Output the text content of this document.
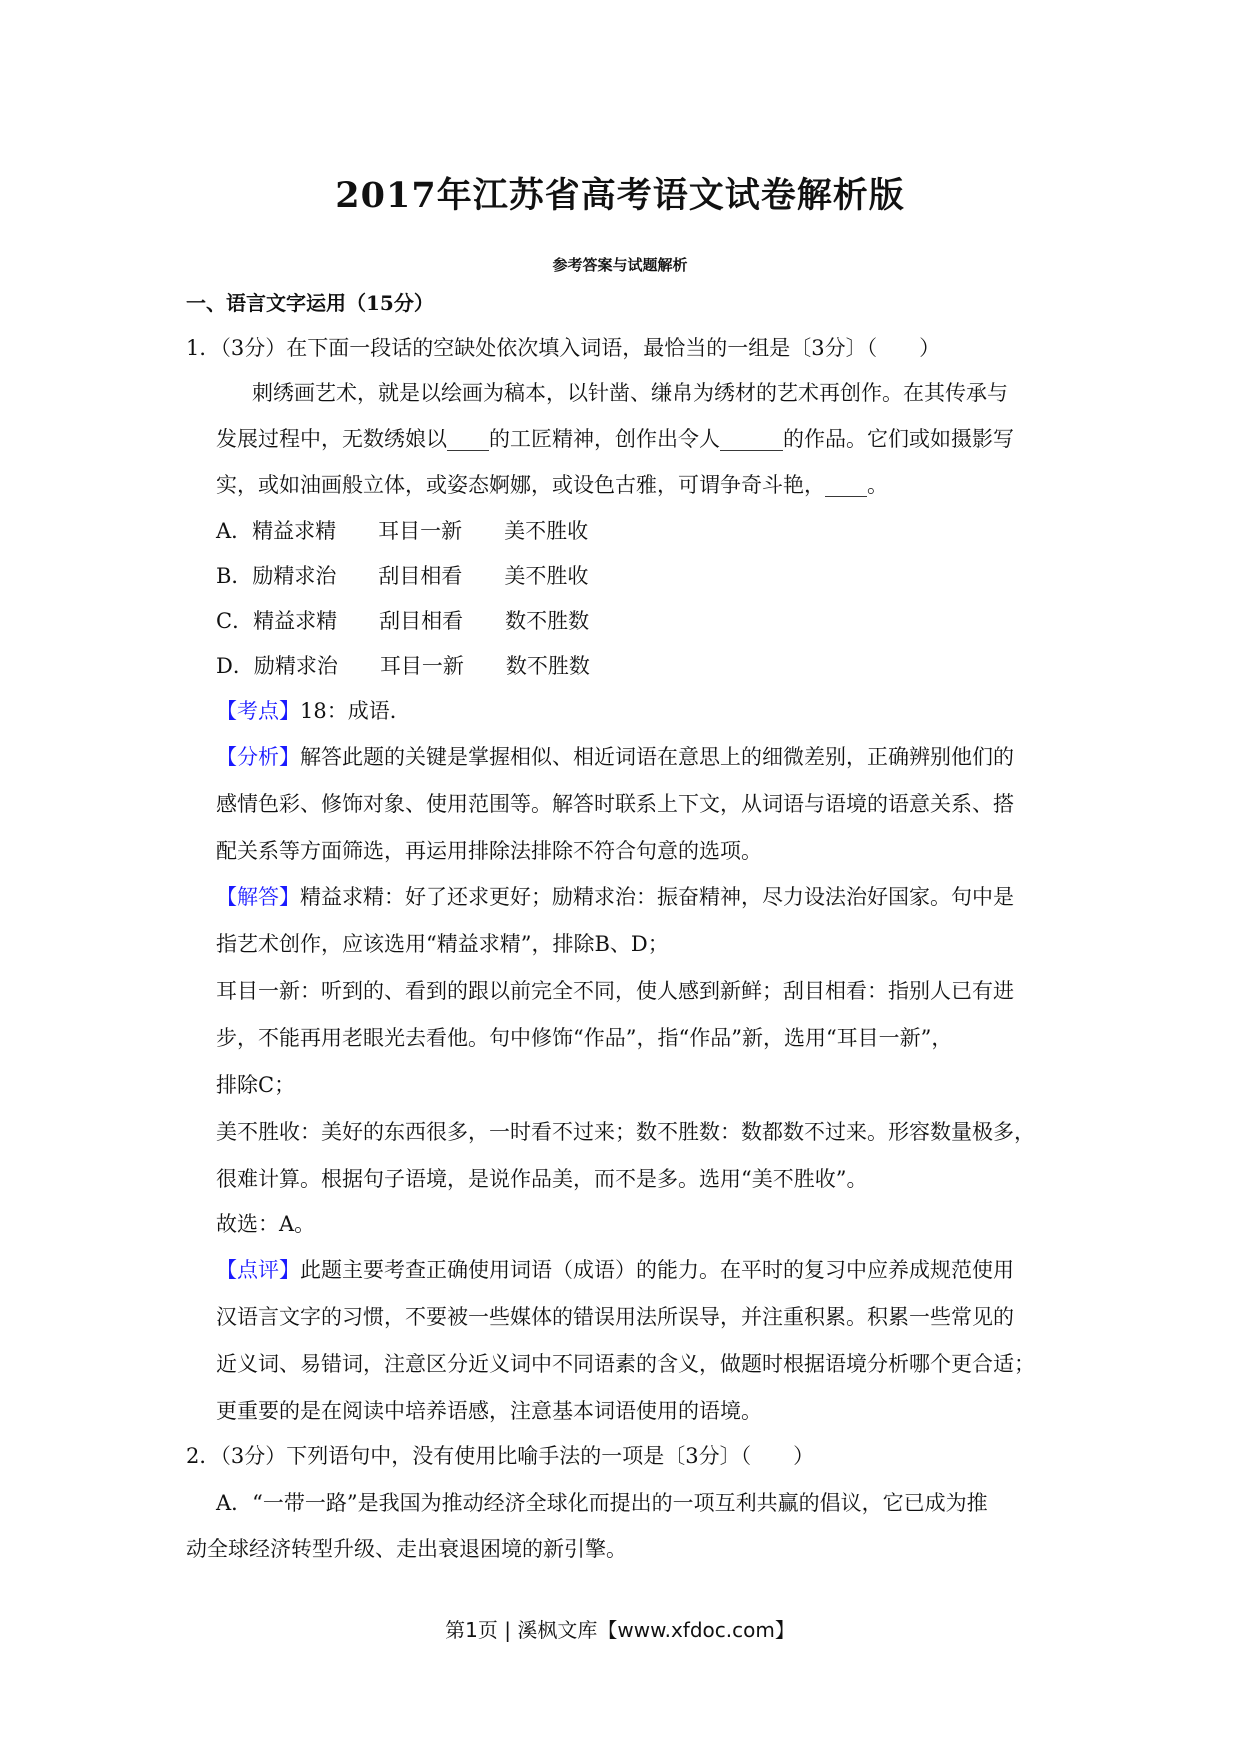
2017年江苏省高考语文试卷解析版
参考答案与试题解析
一、语言文字运用（15分）
1．（3分）在下面一段话的空缺处依次填入词语，最恰当的一组是〔3分〕（　　）
刺绣画艺术，就是以绘画为稿本，以针凿、缣帛为绣材的艺术再创作。在其传承与
发展过程中，无数绣娘以____的工匠精神，创作出令人______的作品。它们或如摄影写
实，或如油画般立体，或姿态婀娜，或设色古雅，可谓争奇斗艳，____。
A．精益求精　　耳目一新　　美不胜收
B．励精求治　　刮目相看　　美不胜收
C．精益求精　　刮目相看　　数不胜数
D．励精求治　　耳目一新　　数不胜数
【考点】18：成语．
【分析】解答此题的关键是掌握相似、相近词语在意思上的细微差别，正确辨别他们的
感情色彩、修饰对象、使用范围等。解答时联系上下文，从词语与语境的语意关系、搭
配关系等方面筛选，再运用排除法排除不符合句意的选项。
【解答】精益求精：好了还求更好；励精求治：振奋精神，尽力设法治好国家。句中是
指艺术创作，应该选用“精益求精”，排除B、D；
耳目一新：听到的、看到的跟以前完全不同，使人感到新鲜；刮目相看：指别人已有进
步，不能再用老眼光去看他。句中修饰“作品”，指“作品”新，选用“耳目一新”，
排除C；
美不胜收：美好的东西很多，一时看不过来；数不胜数：数都数不过来。形容数量极多，
很难计算。根据句子语境，是说作品美，而不是多。选用“美不胜收”。
故选：A。
【点评】此题主要考查正确使用词语（成语）的能力。在平时的复习中应养成规范使用
汉语言文字的习惯，不要被一些媒体的错误用法所误导，并注重积累。积累一些常见的
近义词、易错词，注意区分近义词中不同语素的含义，做题时根据语境分析哪个更合适；
更重要的是在阅读中培养语感，注意基本词语使用的语境。
2．（3分）下列语句中，没有使用比喻手法的一项是〔3分〕（　　）
A．“一带一路”是我国为推动经济全球化而提出的一项互利共赢的倡议，它已成为推
动全球经济转型升级、走出衰退困境的新引擎。
第1页 | 溪枫文库【www.xfdoc.com】
